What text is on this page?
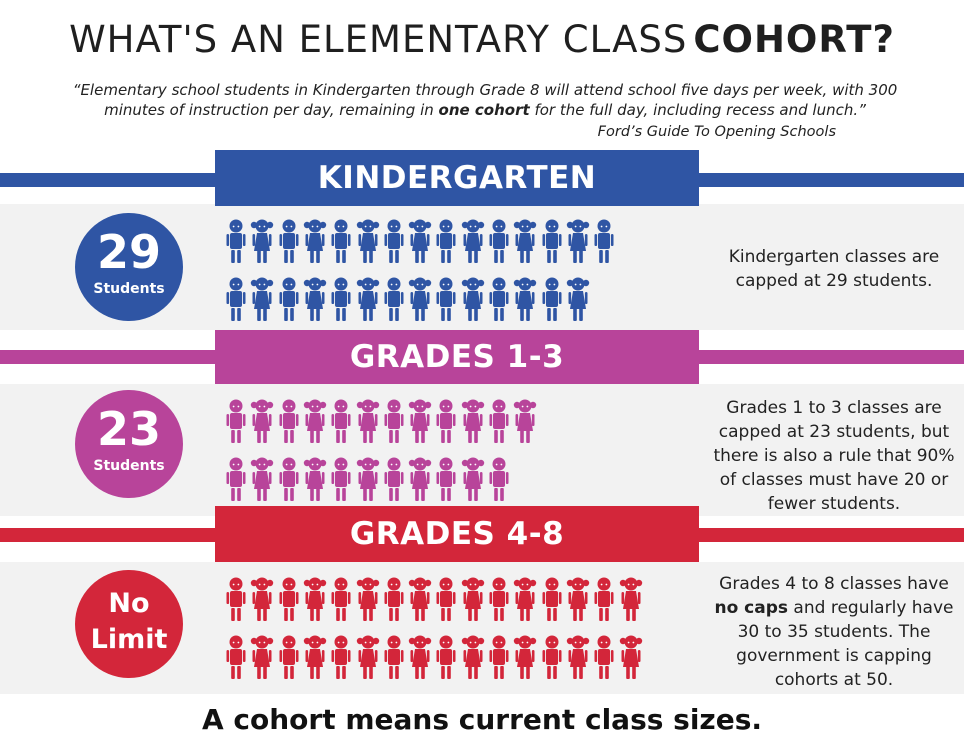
WHAT'S AN ELEMENTARY CLASS COHORT?
“Elementary school students in Kindergarten through Grade 8 will attend school five days per week, with 300 minutes of instruction per day, remaining in one cohort for the full day, including recess and lunch.”
Ford’s Guide To Opening Schools
KINDERGARTEN
29
Students
Kindergarten classes are capped at 29 students.
GRADES 1-3
23
Students
Grades 1 to 3 classes are capped at 23 students, but there is also a rule that 90% of classes must have 20 or fewer students.
GRADES 4-8
No
Limit
Grades 4 to 8 classes have no caps and regularly have 30 to 35 students. The government is capping cohorts at 50.
A cohort means current class sizes.
